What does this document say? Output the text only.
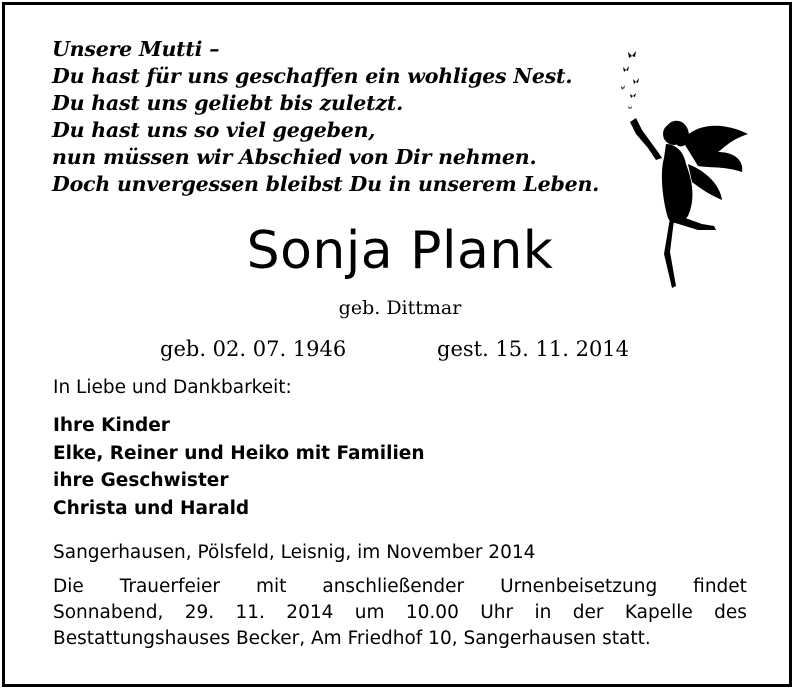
Unsere Mutti –
Du hast für uns geschaffen ein wohliges Nest.
Du hast uns geliebt bis zuletzt.
Du hast uns so viel gegeben,
nun müssen wir Abschied von Dir nehmen.
Doch unvergessen bleibst Du in unserem Leben.
Sonja Plank
geb. Dittmar
geb. 02. 07. 1946	gest. 15. 11. 2014
In Liebe und Dankbarkeit:
Ihre Kinder
Elke, Reiner und Heiko mit Familien
ihre Geschwister
Christa und Harald
Sangerhausen, Pölsfeld, Leisnig, im November 2014
Die Trauerfeier mit anschließender Urnenbeisetzung findet
Sonnabend, 29. 11. 2014 um 10.00 Uhr in der Kapelle des
Bestattungshauses Becker, Am Friedhof 10, Sangerhausen statt.
